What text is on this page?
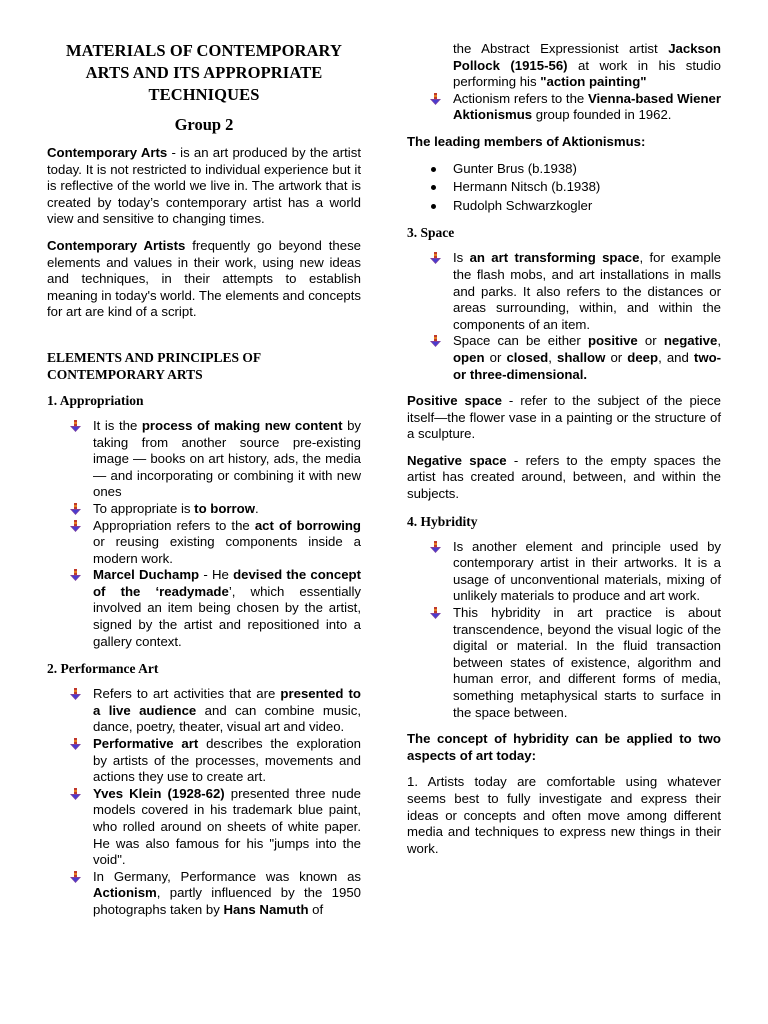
MATERIALS OF CONTEMPORARY
ARTS AND ITS APPROPRIATE
TECHNIQUES
Group 2

Contemporary Arts - is an art produced by the artist today. It is not restricted to individual experience but it is reflective of the world we live in. The artwork that is created by today’s contemporary artist has a world view and sensitive to changing times.

Contemporary Artists frequently go beyond these elements and values in their work, using new ideas and techniques, in their attempts to establish meaning in today's world. The elements and concepts for art are kind of a script.

ELEMENTS AND PRINCIPLES OF
CONTEMPORARY ARTS
1. Appropriation
It is the process of making new content by taking from another source pre-existing image — books on art history, ads, the media — and incorporating or combining it with new ones
To appropriate is to borrow.
Appropriation refers to the act of borrowing or reusing existing components inside a modern work.
Marcel Duchamp - He devised the concept of the ‘readymade’, which essentially involved an item being chosen by the artist, signed by the artist and repositioned into a gallery context.
2. Performance Art
Refers to art activities that are presented to a live audience and can combine music, dance, poetry, theater, visual art and video.
Performative art describes the exploration by artists of the processes, movements and actions they use to create art.
Yves Klein (1928-62) presented three nude models covered in his trademark blue paint, who rolled around on sheets of white paper. He was also famous for his "jumps into the void".
In Germany, Performance was known as Actionism, partly influenced by the 1950 photographs taken by Hans Namuth of
the Abstract Expressionist artist Jackson Pollock (1915-56) at work in his studio performing his "action painting"
Actionism refers to the Vienna-based Wiener Aktionismus group founded in 1962.
The leading members of Aktionismus:
Gunter Brus (b.1938)
Hermann Nitsch (b.1938)
Rudolph Schwarzkogler
3. Space
Is an art transforming space, for example the flash mobs, and art installations in malls and parks. It also refers to the distances or areas surrounding, within, and within the components of an item.
Space can be either positive or negative, open or closed, shallow or deep, and two-or three-dimensional.

Positive space - refer to the subject of the piece itself—the flower vase in a painting or the structure of a sculpture.

Negative space - refers to the empty spaces the artist has created around, between, and within the subjects.

4. Hybridity
Is another element and principle used by contemporary artist in their artworks. It is a usage of unconventional materials, mixing of unlikely materials to produce and art work.
This hybridity in art practice is about transcendence, beyond the visual logic of the digital or material. In the fluid transaction between states of existence, algorithm and human error, and different forms of media, something metaphysical starts to surface in the space between.

The concept of hybridity can be applied to two aspects of art today:

1. Artists today are comfortable using whatever seems best to fully investigate and express their ideas or concepts and often move among different media and techniques to express new things in their work.
